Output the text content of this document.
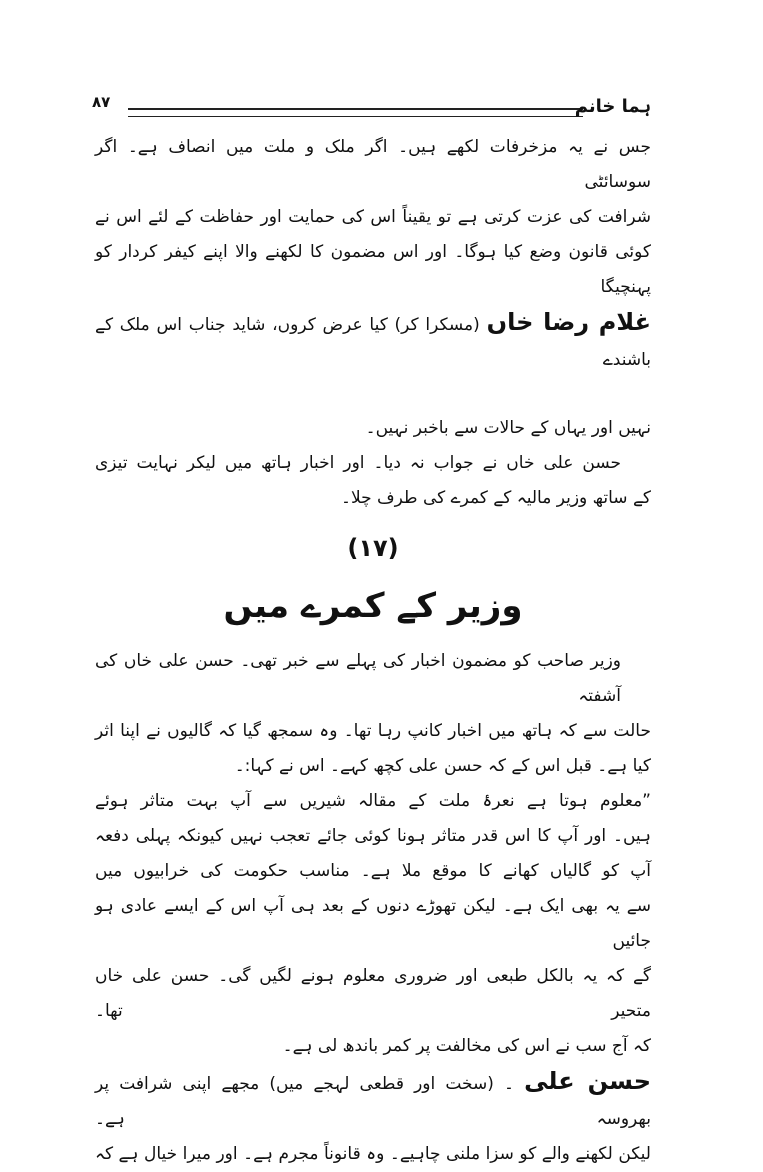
۸۷	ہما خانم
جس نے یہ مزخرفات لکھے ہیں۔ اگر ملک و ملت میں انصاف ہے۔ اگر سوسائٹی
شرافت کی عزت کرتی ہے تو یقیناً اس کی حمایت اور حفاظت کے لئے اس نے
کوئی قانون وضع کیا ہوگا۔ اور اس مضمون کا لکھنے والا اپنے کیفر کردار کو پہنچیگا
غلام رضا خاں (مسکرا کر) کیا عرض کروں، شاید جناب اس ملک کے باشندے
نہیں اور یہاں کے حالات سے باخبر نہیں۔
حسن علی خاں نے جواب نہ دیا۔ اور اخبار ہاتھ میں لیکر نہایت تیزی
کے ساتھ وزیر مالیہ کے کمرے کی طرف چلا۔
(۱۷)
وزیر کے کمرے میں
وزیر صاحب کو مضمون اخبار کی پہلے سے خبر تھی۔ حسن علی خاں کی آشفتہ
حالت سے کہ ہاتھ میں اخبار کانپ رہا تھا۔ وہ سمجھ گیا کہ گالیوں نے اپنا اثر
کیا ہے۔ قبل اس کے کہ حسن علی کچھ کہے۔ اس نے کہا:۔
”معلوم ہوتا ہے نعرۂ ملت کے مقالہ شیریں سے آپ بہت متاثر ہوئے
ہیں۔ اور آپ کا اس قدر متاثر ہونا کوئی جائے تعجب نہیں کیونکہ پہلی دفعہ
آپ کو گالیاں کھانے کا موقع ملا ہے۔ مناسب حکومت کی خرابیوں میں
سے یہ بھی ایک ہے۔ لیکن تھوڑے دنوں کے بعد ہی آپ اس کے ایسے عادی ہو جائیں
گے کہ یہ بالکل طبعی اور ضروری معلوم ہونے لگیں گی۔ حسن علی خاں متحیر تھا۔
کہ آج سب نے اس کی مخالفت پر کمر باندھ لی ہے۔
حسن علی ۔ (سخت اور قطعی لہجے میں) مجھے اپنی شرافت پر بھروسہ ہے۔
لیکن لکھنے والے کو سزا ملنی چاہیے۔ وہ قانوناً مجرم ہے۔ اور میرا خیال ہے کہ
